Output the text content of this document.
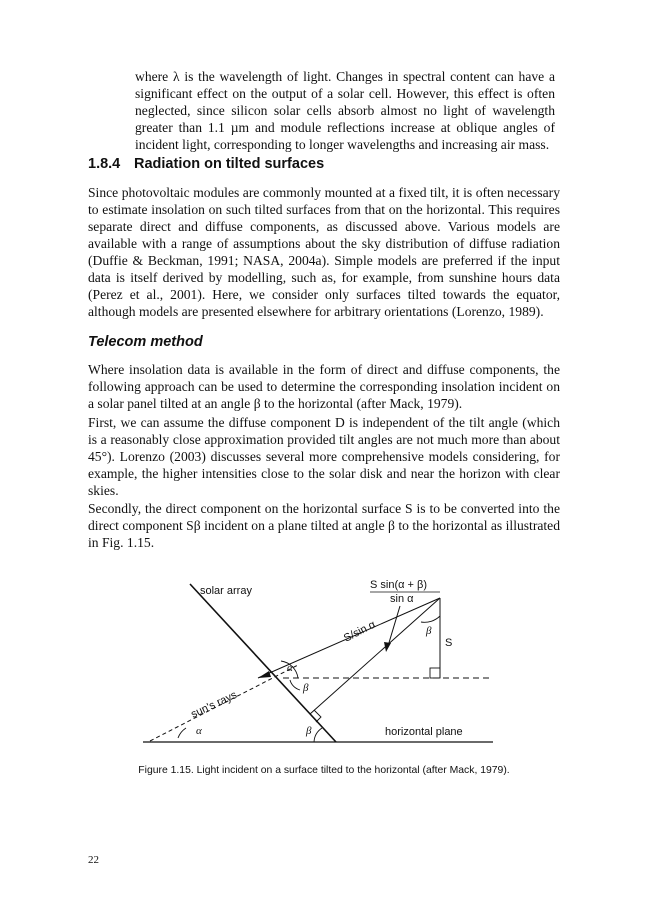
where λ is the wavelength of light. Changes in spectral content can have a significant effect on the output of a solar cell. However, this effect is often neglected, since silicon solar cells absorb almost no light of wavelength greater than 1.1 µm and module reflections increase at oblique angles of incident light, corresponding to longer wavelengths and increasing air mass.

1.8.4 Radiation on tilted surfaces

Since photovoltaic modules are commonly mounted at a fixed tilt, it is often necessary to estimate insolation on such tilted surfaces from that on the horizontal. This requires separate direct and diffuse components, as discussed above. Various models are available with a range of assumptions about the sky distribution of diffuse radiation (Duffie & Beckman, 1991; NASA, 2004a). Simple models are preferred if the input data is itself derived by modelling, such as, for example, from sunshine hours data (Perez et al., 2001). Here, we consider only surfaces tilted towards the equator, although models are presented elsewhere for arbitrary orientations (Lorenzo, 1989).

Telecom method

Where insolation data is available in the form of direct and diffuse components, the following approach can be used to determine the corresponding insolation incident on a solar panel tilted at an angle β to the horizontal (after Mack, 1979).

First, we can assume the diffuse component D is independent of the tilt angle (which is a reasonably close approximation provided tilt angles are not much more than about 45°). Lorenzo (2003) discusses several more comprehensive models considering, for example, the higher intensities close to the solar disk and near the horizon with clear skies.

Secondly, the direct component on the horizontal surface S is to be converted into the direct component Sβ incident on a plane tilted at angle β to the horizontal as illustrated in Fig. 1.15.

solar array
sun's rays
horizontal plane
S/sin α
S sin(α + β)
sin α
S
α
β
β
α
β
Figure 1.15. Light incident on a surface tilted to the horizontal (after Mack, 1979).
22
